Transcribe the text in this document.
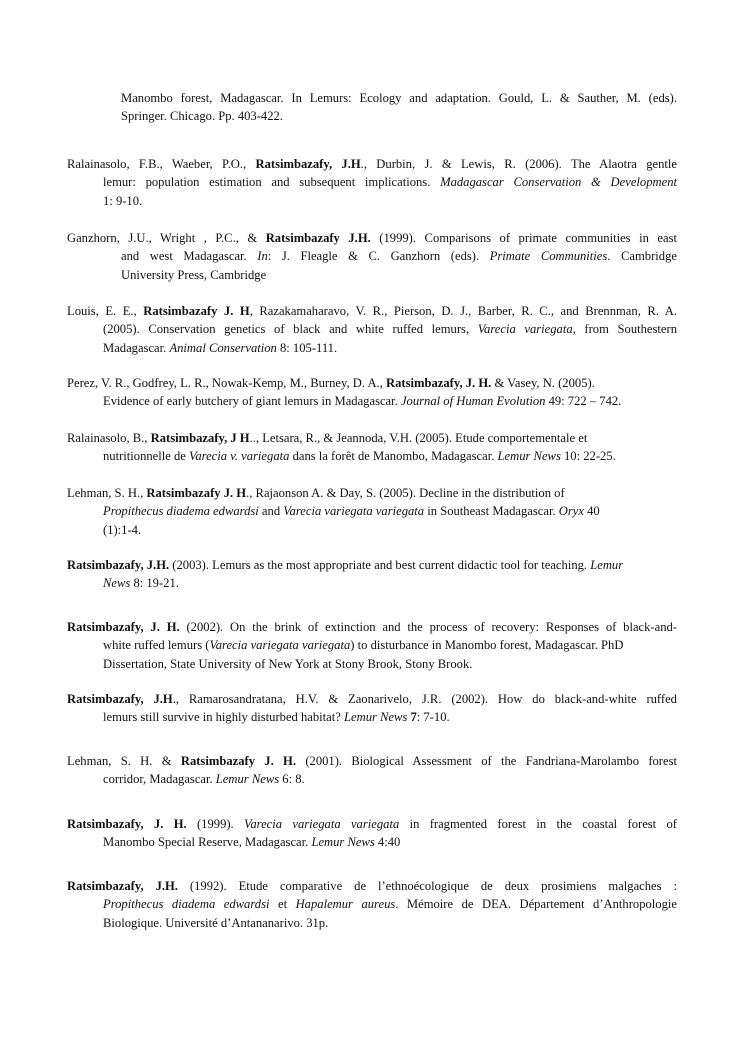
Manombo forest, Madagascar. In Lemurs: Ecology and adaptation. Gould, L. & Sauther, M. (eds).
Springer. Chicago. Pp. 403-422.
Ralainasolo, F.B., Waeber, P.O., Ratsimbazafy, J.H., Durbin, J. & Lewis, R. (2006). The Alaotra gentle
lemur: population estimation and subsequent implications. Madagascar Conservation & Development
1: 9-10.
Ganzhorn, J.U., Wright , P.C., & Ratsimbazafy J.H. (1999). Comparisons of primate communities in east
and west Madagascar. In: J. Fleagle & C. Ganzhorn (eds). Primate Communities. Cambridge
University Press, Cambridge
Louis, E. E., Ratsimbazafy J. H, Razakamaharavo, V. R., Pierson, D. J., Barber, R. C., and Brennman, R. A.
(2005). Conservation genetics of black and white ruffed lemurs, Varecia variegata, from Southestern
Madagascar. Animal Conservation 8: 105-111.
Perez, V. R., Godfrey, L. R., Nowak-Kemp, M., Burney, D. A., Ratsimbazafy, J. H. & Vasey, N. (2005).
Evidence of early butchery of giant lemurs in Madagascar. Journal of Human Evolution 49: 722 – 742.
Ralainasolo, B., Ratsimbazafy, J H.., Letsara, R., & Jeannoda, V.H. (2005). Etude comportementale et
nutritionnelle de Varecia v. variegata dans la forêt de Manombo, Madagascar. Lemur News 10: 22-25.
Lehman, S. H., Ratsimbazafy J. H., Rajaonson A. & Day, S. (2005). Decline in the distribution of
Propithecus diadema edwardsi and Varecia variegata variegata in Southeast Madagascar. Oryx 40
(1):1-4.
Ratsimbazafy, J.H. (2003). Lemurs as the most appropriate and best current didactic tool for teaching. Lemur
News 8: 19-21.
Ratsimbazafy, J. H. (2002). On the brink of extinction and the process of recovery: Responses of black-and-
white ruffed lemurs (Varecia variegata variegata) to disturbance in Manombo forest, Madagascar. PhD
Dissertation, State University of New York at Stony Brook, Stony Brook.
Ratsimbazafy, J.H., Ramarosandratana, H.V. & Zaonarivelo, J.R. (2002). How do black-and-white ruffed
lemurs still survive in highly disturbed habitat? Lemur News 7: 7-10.
Lehman, S. H. & Ratsimbazafy J. H. (2001). Biological Assessment of the Fandriana-Marolambo forest
corridor, Madagascar. Lemur News 6: 8.
Ratsimbazafy, J. H. (1999). Varecia variegata variegata in fragmented forest in the coastal forest of
Manombo Special Reserve, Madagascar. Lemur News 4:40
Ratsimbazafy, J.H. (1992). Etude comparative de l’ethnoécologique de deux prosimiens malgaches :
Propithecus diadema edwardsi et Hapalemur aureus. Mémoire de DEA. Département d’Anthropologie
Biologique. Université d’Antananarivo. 31p.
